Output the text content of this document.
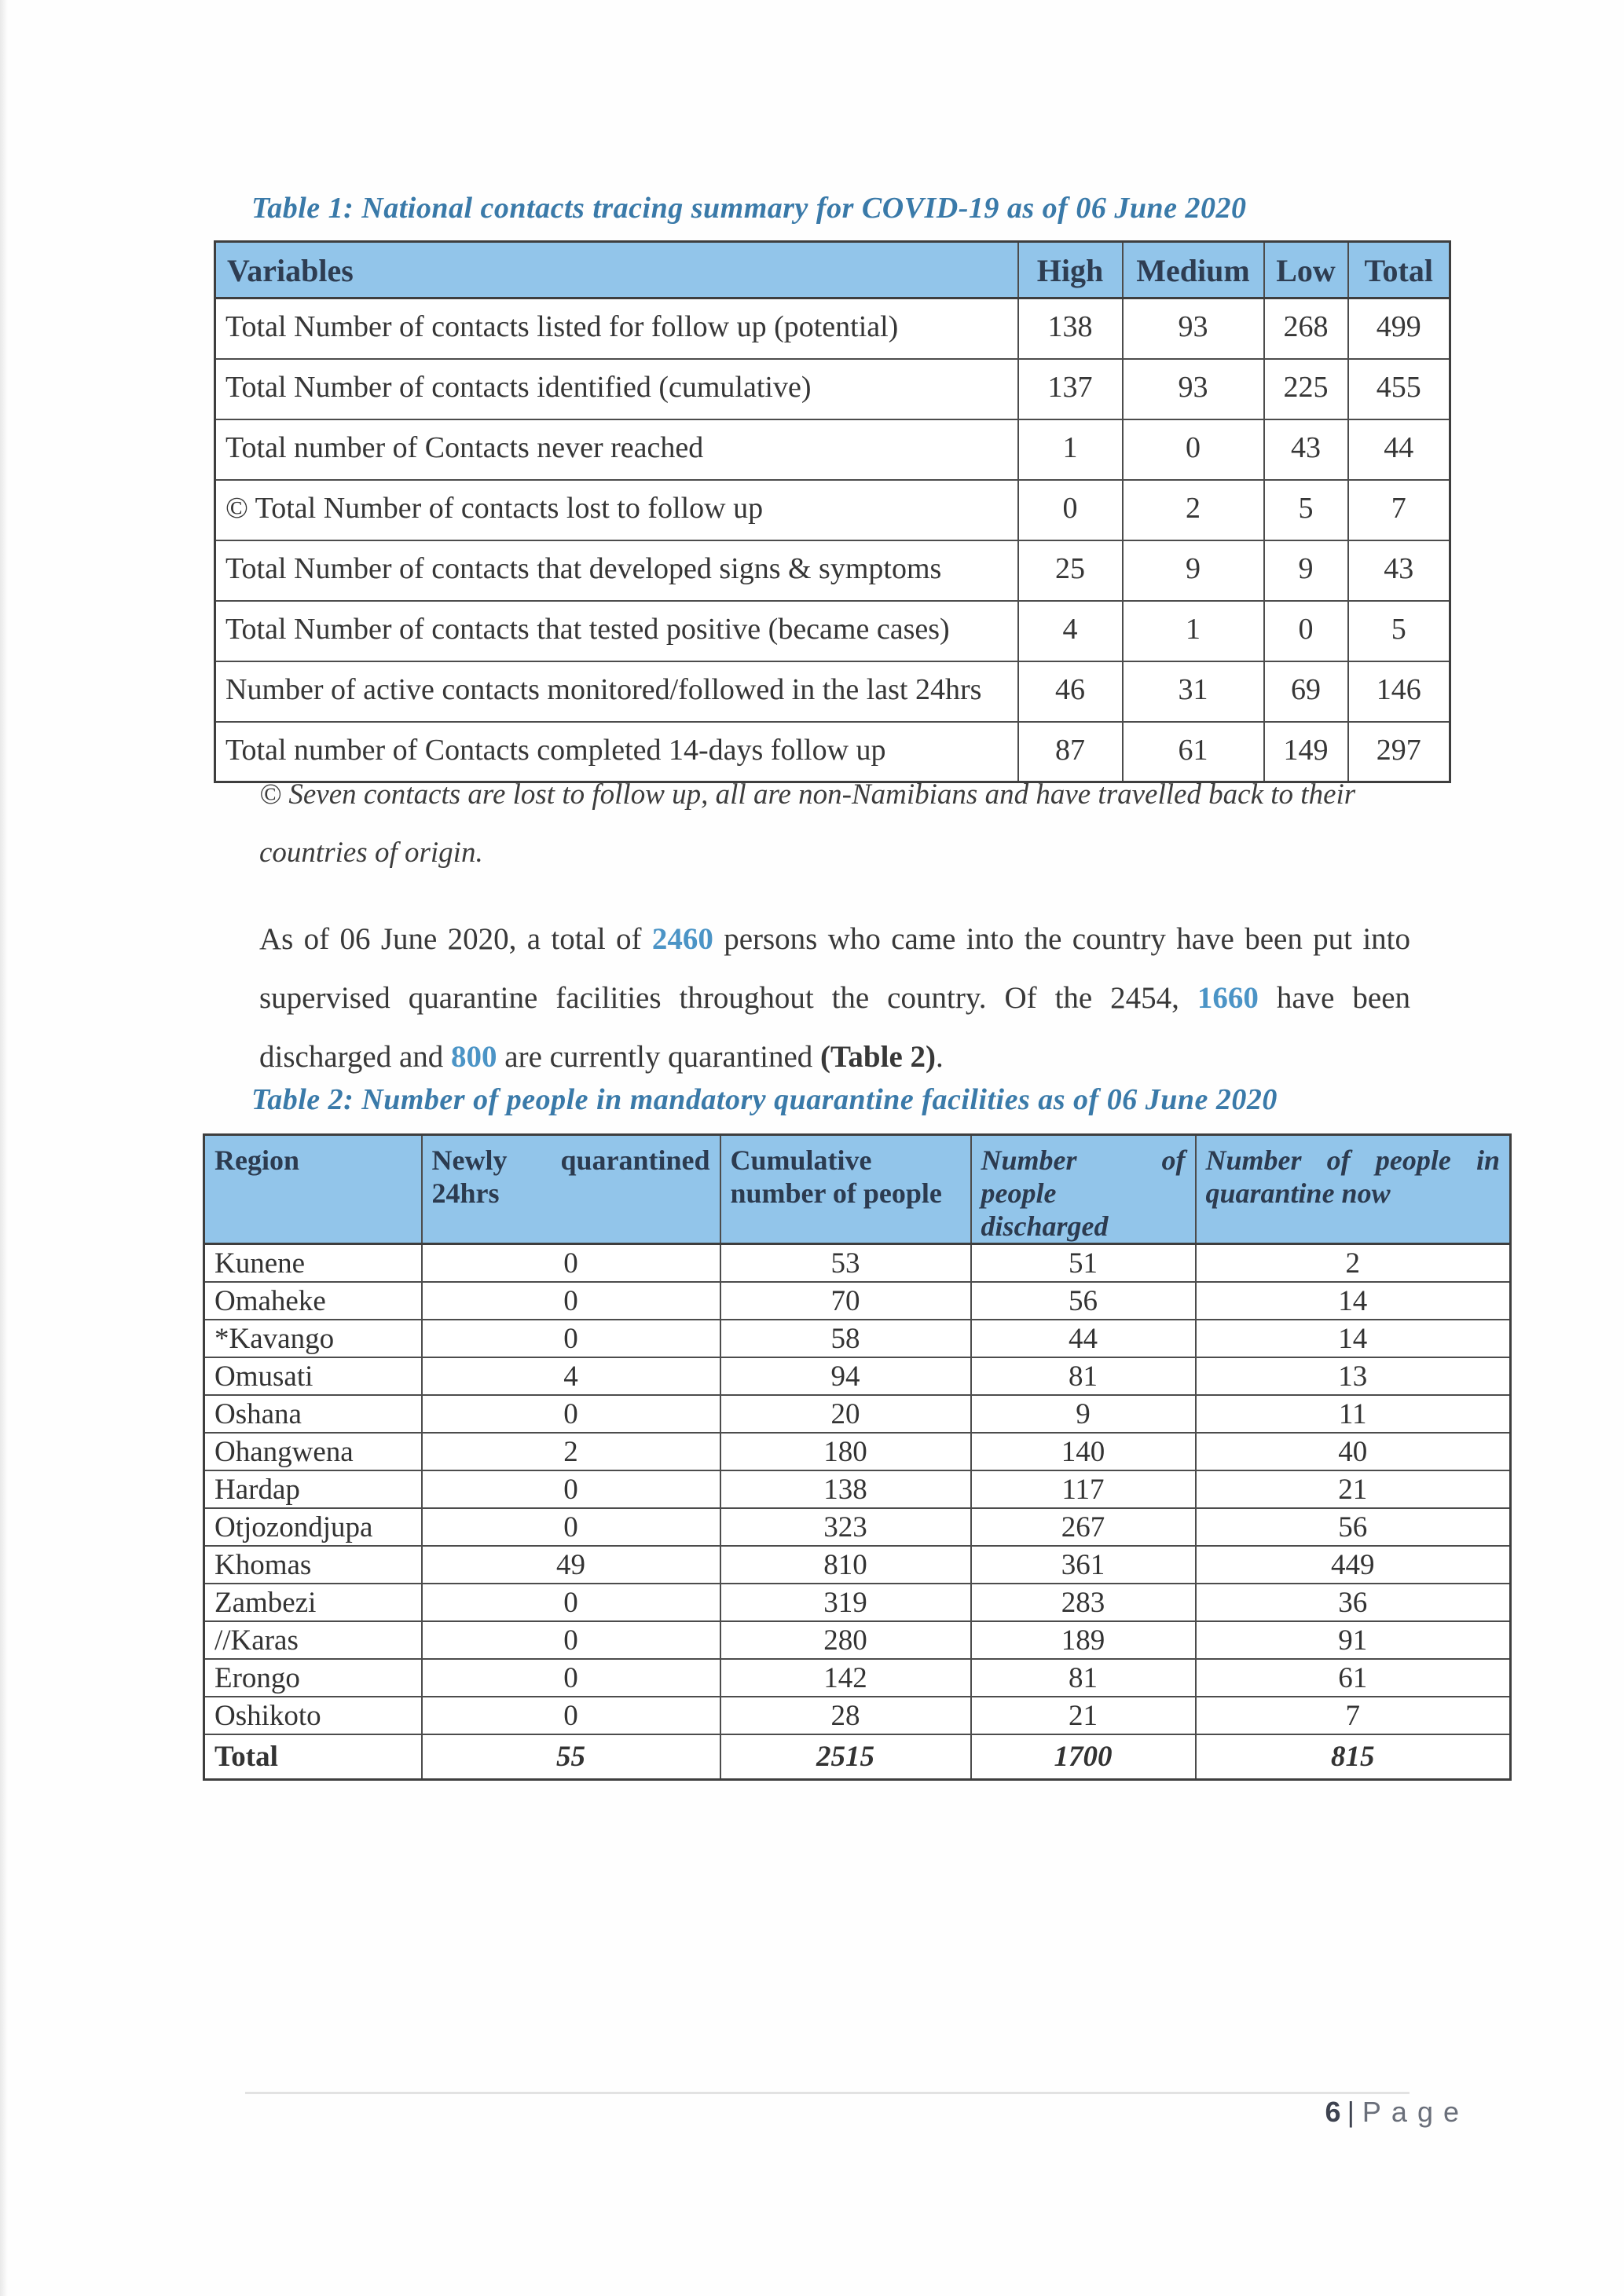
Table 1: National contacts tracing summary for COVID-19 as of 06 June 2020
Variables	High	Medium	Low	Total
Total Number of contacts listed for follow up (potential)	138	93	268	499
Total Number of contacts identified (cumulative)	137	93	225	455
Total number of Contacts never reached	1	0	43	44
© Total Number of contacts lost to follow up	0	2	5	7
Total Number of contacts that developed signs & symptoms	25	9	9	43
Total Number of contacts that tested positive (became cases)	4	1	0	5
Number of active contacts monitored/followed in the last 24hrs	46	31	69	146
Total number of Contacts completed 14-days follow up	87	61	149	297
© Seven contacts are lost to follow up, all are non-Namibians and have travelled back to their countries of origin.
As of 06 June 2020, a total of 2460 persons who came into the country have been put into supervised quarantine facilities throughout the country. Of the 2454, 1660 have been discharged and 800 are currently quarantined (Table 2).
Table 2: Number of people in mandatory quarantine facilities as of 06 June 2020
Region	Newly quarantined 24hrs	Cumulative number of people	Number of people discharged	Number of people in quarantine now
Kunene	0	53	51	2
Omaheke	0	70	56	14
*Kavango	0	58	44	14
Omusati	4	94	81	13
Oshana	0	20	9	11
Ohangwena	2	180	140	40
Hardap	0	138	117	21
Otjozondjupa	0	323	267	56
Khomas	49	810	361	449
Zambezi	0	319	283	36
//Karas	0	280	189	91
Erongo	0	142	81	61
Oshikoto	0	28	21	7
Total	55	2515	1700	815
6 | Page
